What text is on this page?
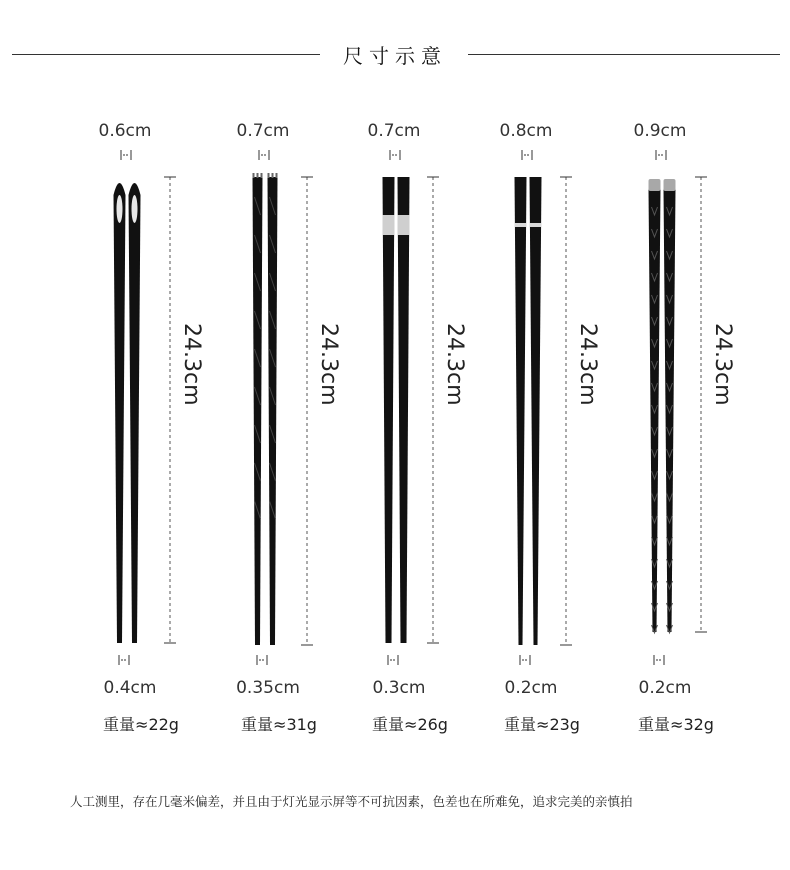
尺寸示意
0.6cm
0.4cm
重量≈22g
24.3cm
0.7cm
0.35cm
重量≈31g
24.3cm
0.7cm
0.3cm
重量≈26g
24.3cm
0.8cm
0.2cm
重量≈23g
24.3cm
0.9cm
0.2cm
重量≈32g
24.3cm
人工测里，存在几毫米偏差，并且由于灯光显示屏等不可抗因素，色差也在所难免，追求完美的亲慎拍
